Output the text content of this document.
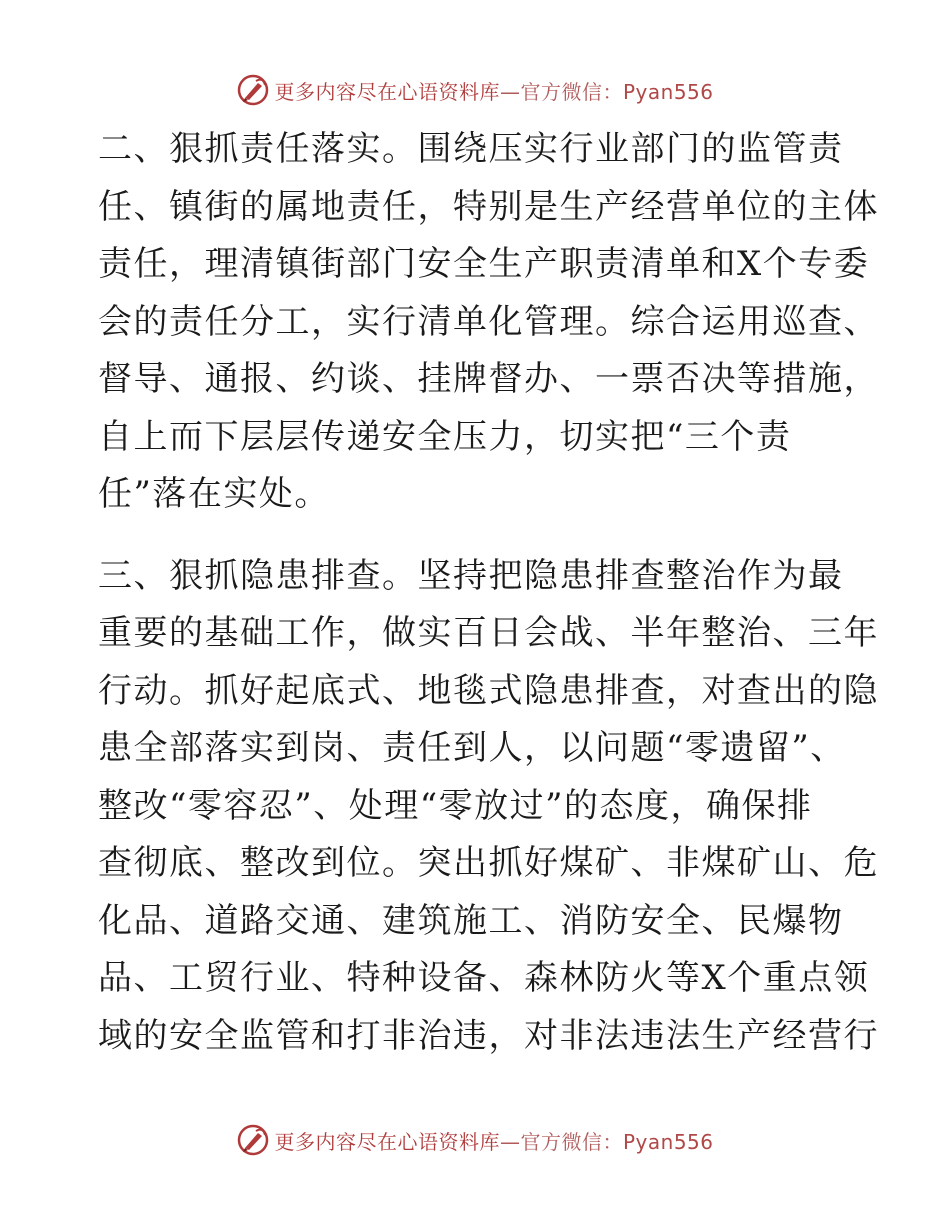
更多内容尽在心语资料库—官方微信：Pyan556

二、狠抓责任落实。围绕压实行业部门的监管责
任、镇街的属地责任，特别是生产经营单位的主体
责任，理清镇街部门安全生产职责清单和X个专委
会的责任分工，实行清单化管理。综合运用巡查、
督导、通报、约谈、挂牌督办、一票否决等措施，
自上而下层层传递安全压力，切实把“三个责
任”落在实处。

三、狠抓隐患排查。坚持把隐患排查整治作为最
重要的基础工作，做实百日会战、半年整治、三年
行动。抓好起底式、地毯式隐患排查，对查出的隐
患全部落实到岗、责任到人，以问题“零遗留”、
整改“零容忍”、处理“零放过”的态度，确保排
查彻底、整改到位。突出抓好煤矿、非煤矿山、危
化品、道路交通、建筑施工、消防安全、民爆物
品、工贸行业、特种设备、森林防火等X个重点领
域的安全监管和打非治违，对非法违法生产经营行

更多内容尽在心语资料库—官方微信：Pyan556
